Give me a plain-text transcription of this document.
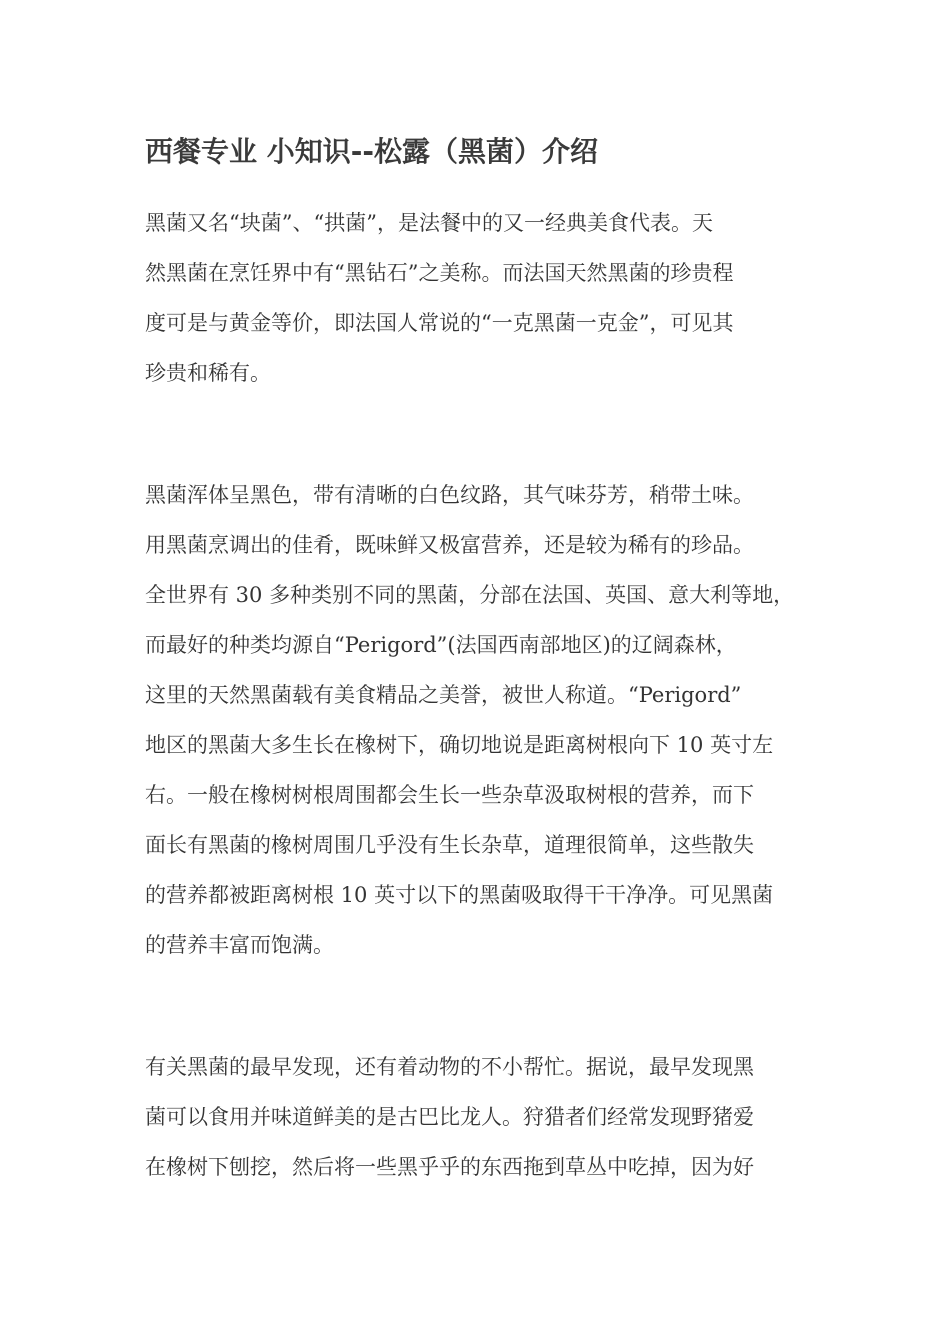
西餐专业 小知识--松露（黑菌）介绍

黑菌又名“块菌”、“拱菌”，是法餐中的又一经典美食代表。天

然黑菌在烹饪界中有“黑钻石”之美称。而法国天然黑菌的珍贵程

度可是与黄金等价，即法国人常说的“一克黑菌一克金”，可见其

珍贵和稀有。

黑菌浑体呈黑色，带有清晰的白色纹路，其气味芬芳，稍带土味。

用黑菌烹调出的佳肴，既味鲜又极富营养，还是较为稀有的珍品。

全世界有 30 多种类别不同的黑菌，分部在法国、英国、意大利等地，

而最好的种类均源自“Perigord”(法国西南部地区)的辽阔森林，

这里的天然黑菌载有美食精品之美誉，被世人称道。“Perigord”

地区的黑菌大多生长在橡树下，确切地说是距离树根向下 10 英寸左

右。一般在橡树树根周围都会生长一些杂草汲取树根的营养，而下

面长有黑菌的橡树周围几乎没有生长杂草，道理很简单，这些散失

的营养都被距离树根 10 英寸以下的黑菌吸取得干干净净。可见黑菌

的营养丰富而饱满。

有关黑菌的最早发现，还有着动物的不小帮忙。据说，最早发现黑

菌可以食用并味道鲜美的是古巴比龙人。狩猎者们经常发现野猪爱

在橡树下刨挖，然后将一些黑乎乎的东西拖到草丛中吃掉，因为好
